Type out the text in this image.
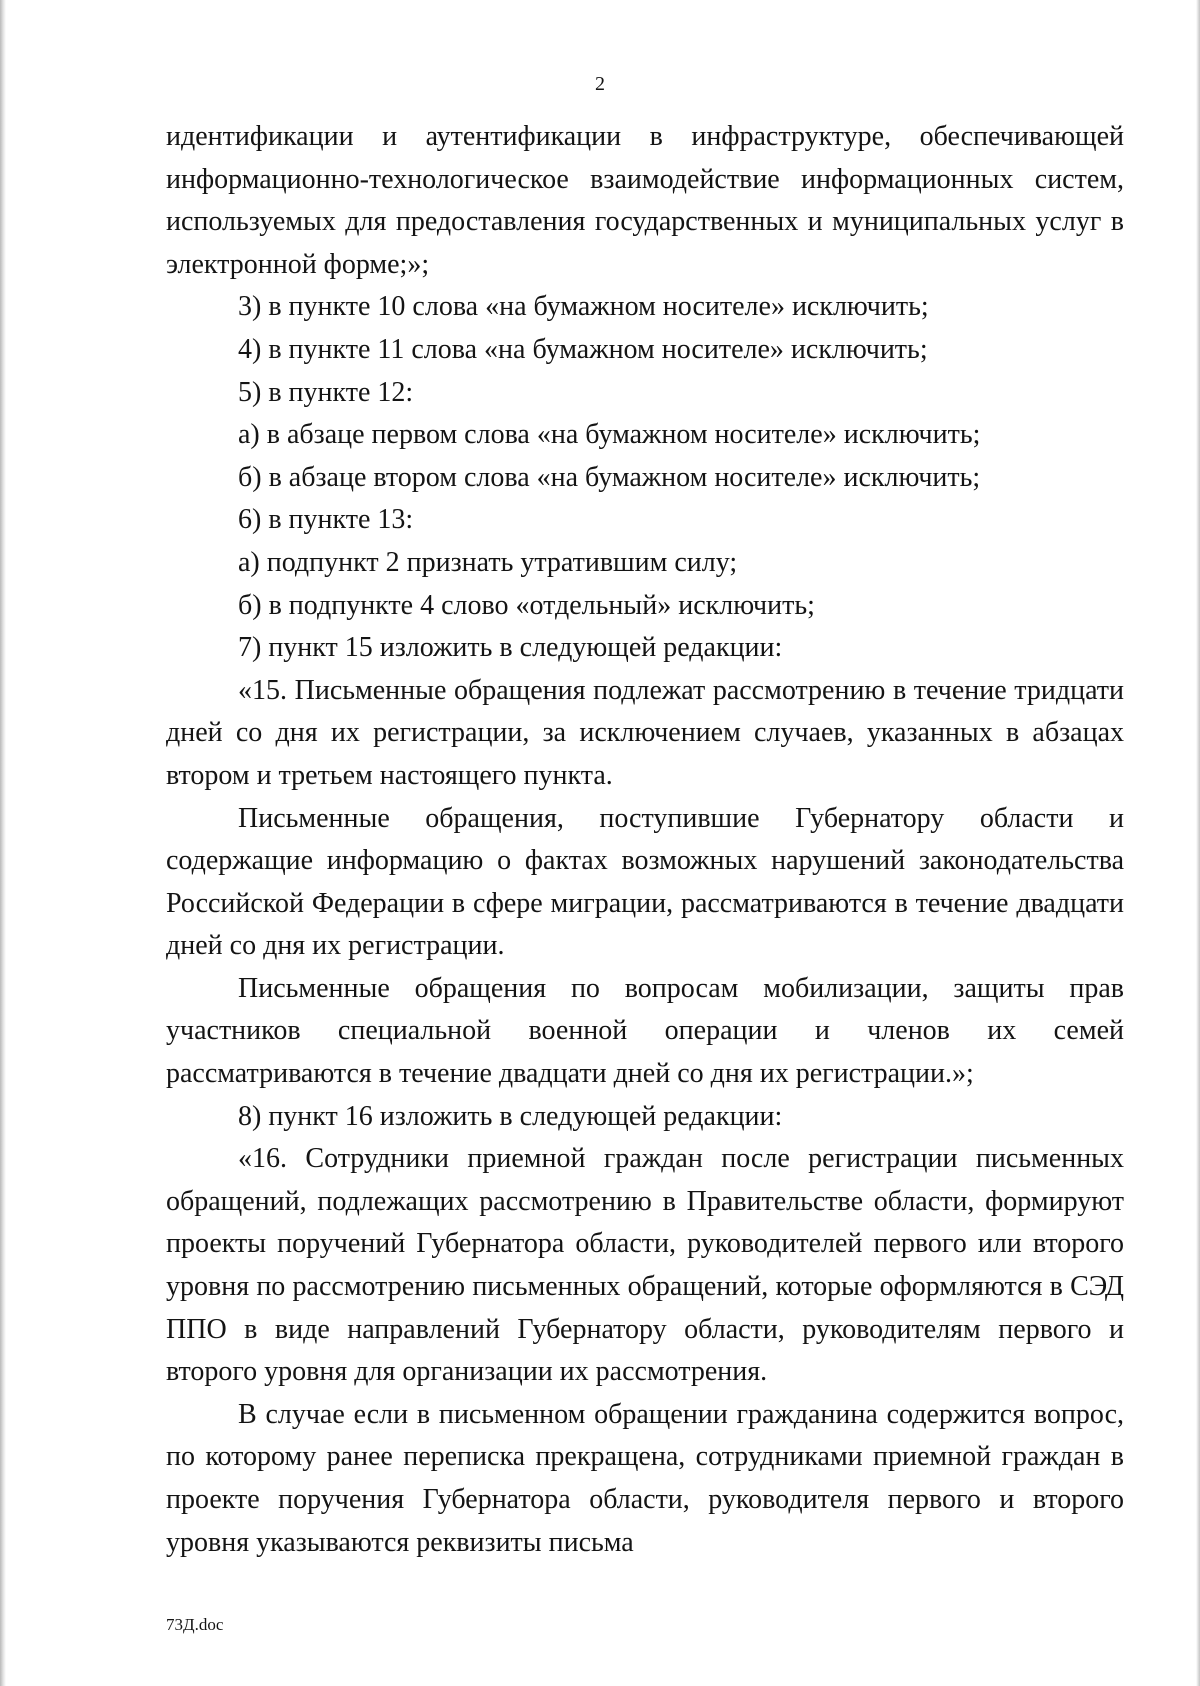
2

идентификации и аутентификации в инфраструктуре, обеспечивающей информационно-технологическое взаимодействие информационных систем, используемых для предоставления государственных и муниципальных услуг в электронной форме;»;

3) в пункте 10 слова «на бумажном носителе» исключить;

4) в пункте 11 слова «на бумажном носителе» исключить;

5) в пункте 12:

а) в абзаце первом слова «на бумажном носителе» исключить;

б) в абзаце втором слова «на бумажном носителе» исключить;

6) в пункте 13:

а) подпункт 2 признать утратившим силу;

б) в подпункте 4 слово «отдельный» исключить;

7) пункт 15 изложить в следующей редакции:

«15. Письменные обращения подлежат рассмотрению в течение тридцати дней со дня их регистрации, за исключением случаев, указанных в абзацах втором и третьем настоящего пункта.

Письменные обращения, поступившие Губернатору области и содержащие информацию о фактах возможных нарушений законодательства Российской Федерации в сфере миграции, рассматриваются в течение двадцати дней со дня их регистрации.

Письменные обращения по вопросам мобилизации, защиты прав участников специальной военной операции и членов их семей рассматриваются в течение двадцати дней со дня их регистрации.»;

8) пункт 16 изложить в следующей редакции:

«16. Сотрудники приемной граждан после регистрации письменных обращений, подлежащих рассмотрению в Правительстве области, формируют проекты поручений Губернатора области, руководителей первого или второго уровня по рассмотрению письменных обращений, которые оформляются в СЭД ППО в виде направлений Губернатору области, руководителям первого и второго уровня для организации их рассмотрения.

В случае если в письменном обращении гражданина содержится вопрос, по которому ранее переписка прекращена, сотрудниками приемной граждан в проекте поручения Губернатора области, руководителя первого и второго уровня указываются реквизиты письма

73Д.doc
